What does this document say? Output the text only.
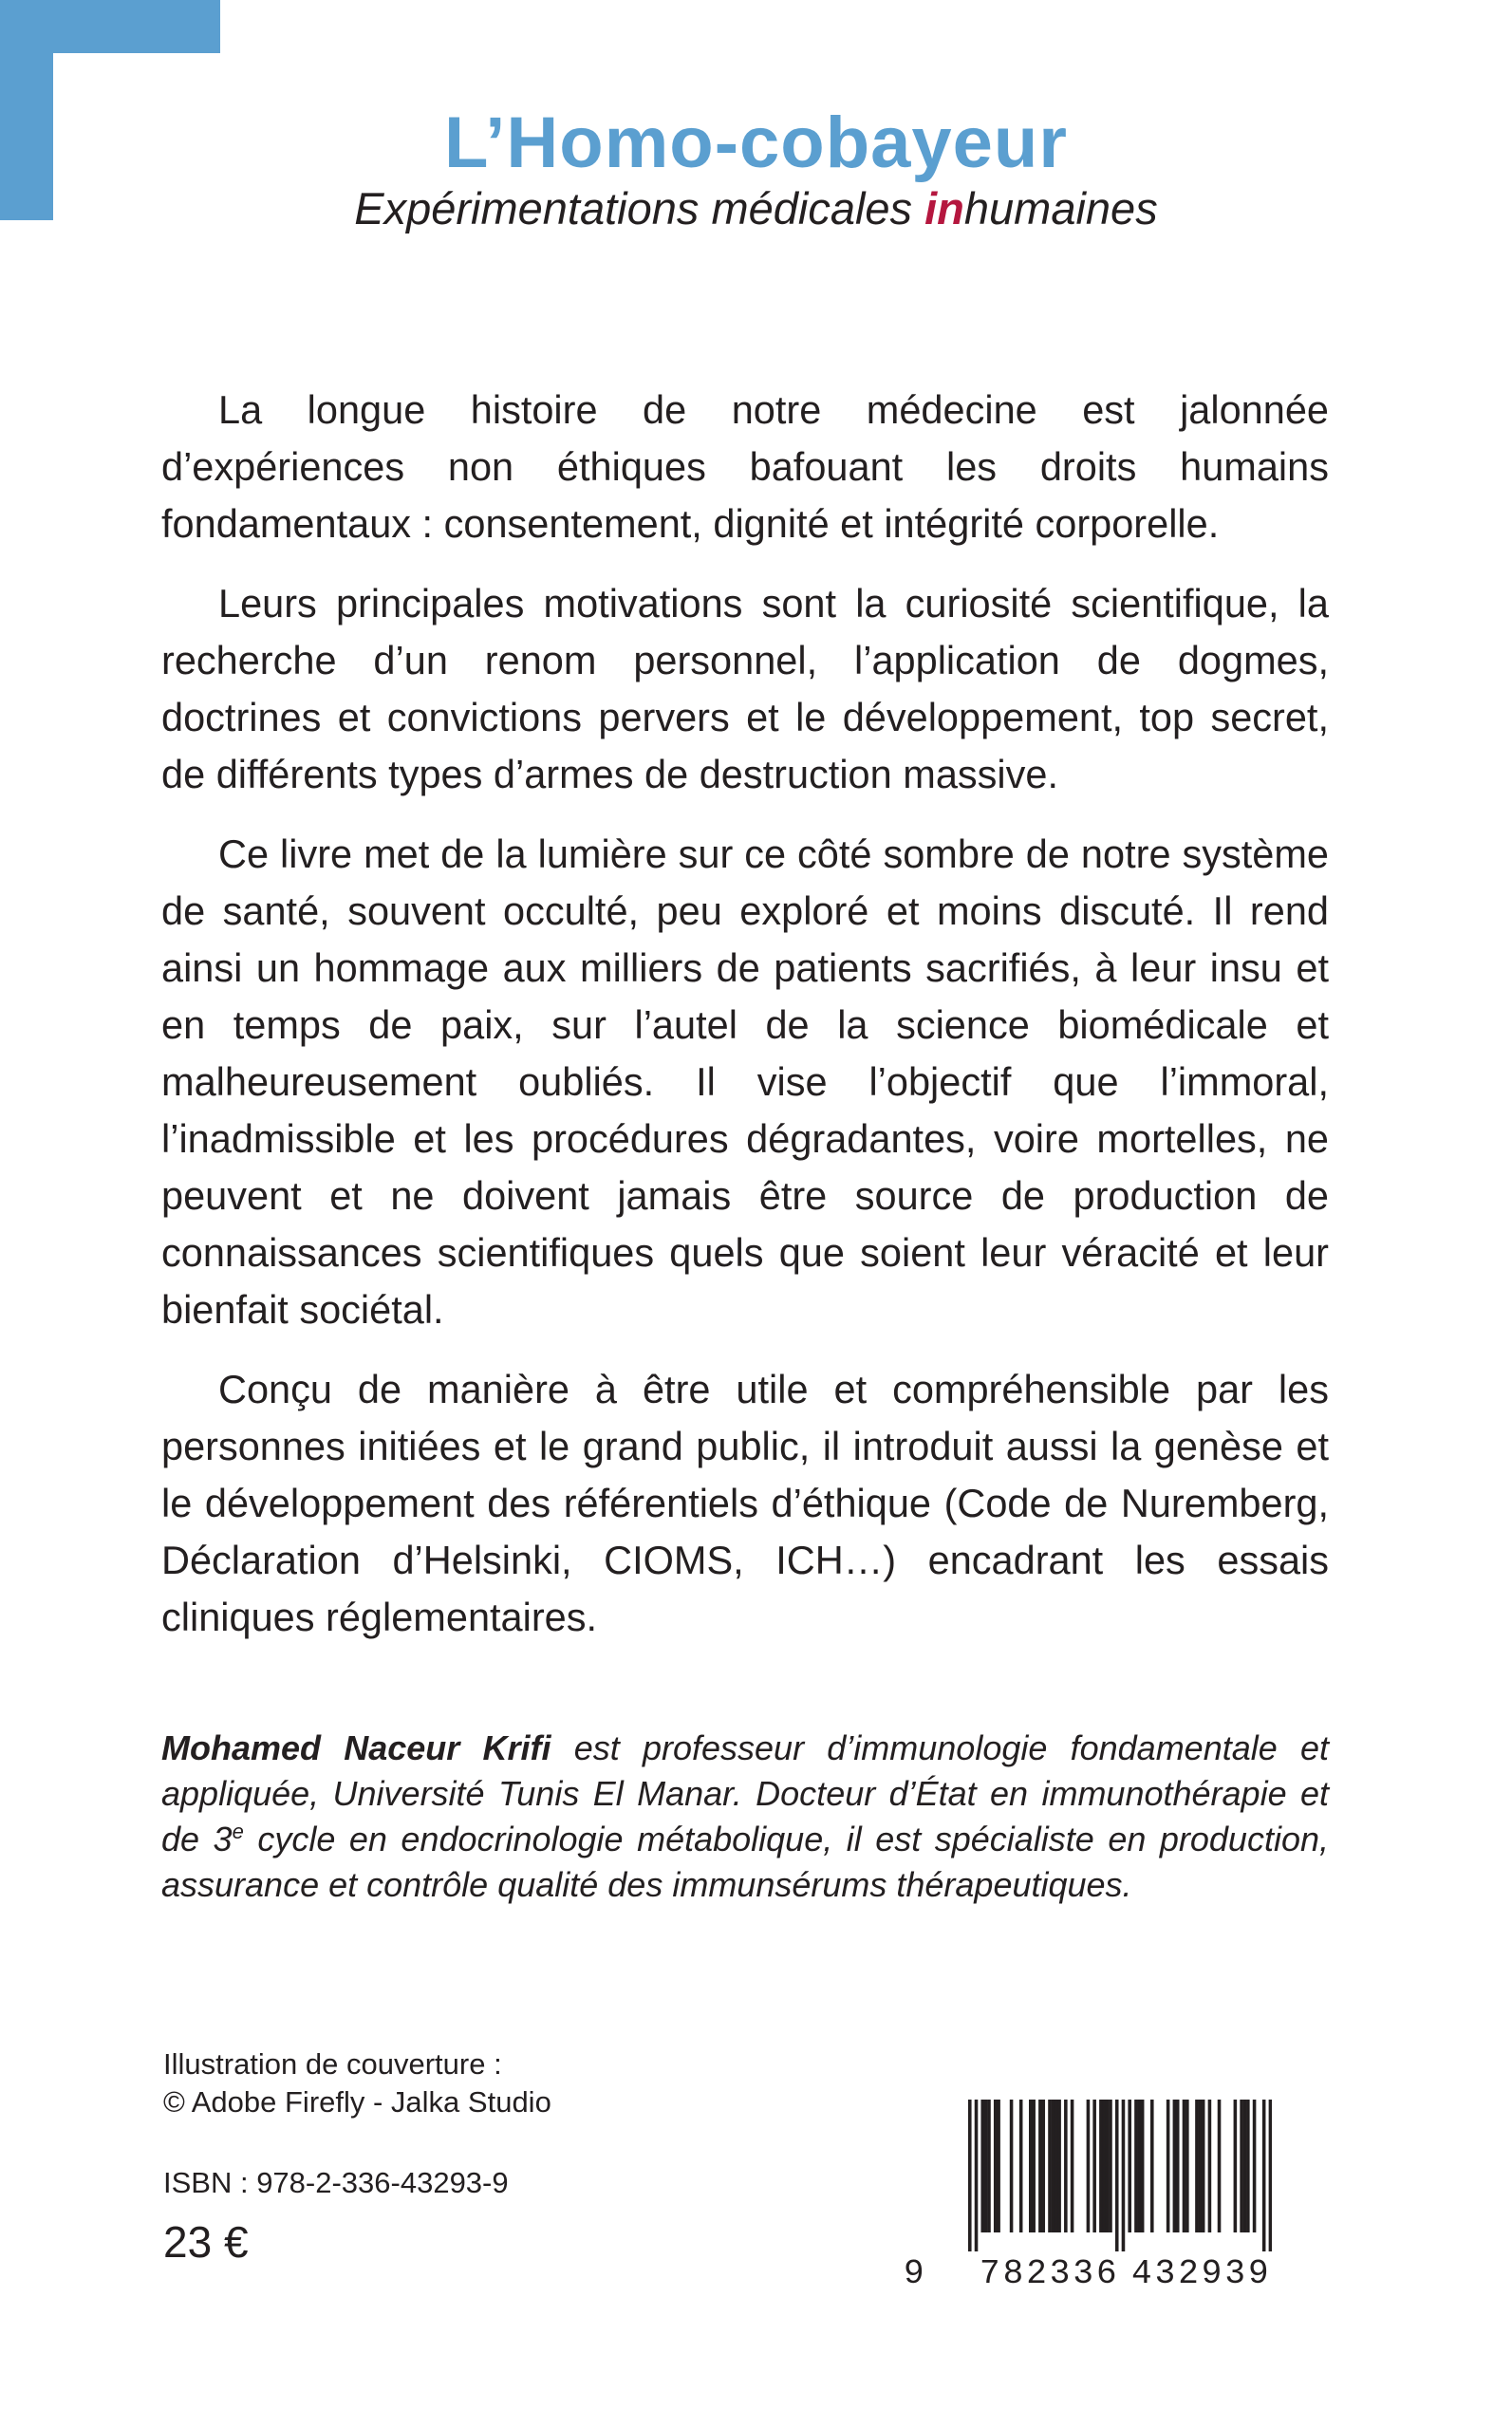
L’Homo-cobayeur

Expérimentations médicales inhumaines

La longue histoire de notre médecine est jalonnée d’expériences non éthiques bafouant les droits humains fondamentaux : consentement, dignité et intégrité corporelle.

Leurs principales motivations sont la curiosité scientifique, la recherche d’un renom personnel, l’application de dogmes, doctrines et convictions pervers et le développement, top secret, de différents types d’armes de destruction massive.

Ce livre met de la lumière sur ce côté sombre de notre système de santé, souvent occulté, peu exploré et moins discuté. Il rend ainsi un hommage aux milliers de patients sacrifiés, à leur insu et en temps de paix, sur l’autel de la science biomédicale et malheureusement oubliés. Il vise l’objectif que l’immoral, l’inadmissible et les procédures dégradantes, voire mortelles, ne peuvent et ne doivent jamais être source de production de connaissances scientifiques quels que soient leur véracité et leur bienfait sociétal.

Conçu de manière à être utile et compréhensible par les personnes initiées et le grand public, il introduit aussi la genèse et le développement des référentiels d’éthique (Code de Nuremberg, Déclaration d’Helsinki, CIOMS, ICH…) encadrant les essais cliniques réglementaires.

Mohamed Naceur Krifi est professeur d’immunologie fondamentale et appliquée, Université Tunis El Manar. Docteur d’État en immunothérapie et de 3e cycle en endocrinologie métabolique, il est spécialiste en production, assurance et contrôle qualité des immunsérums thérapeutiques.
Illustration de couverture :
© Adobe Firefly - Jalka Studio
ISBN : 978-2-336-43293-9
23 €
9 782336 432939
